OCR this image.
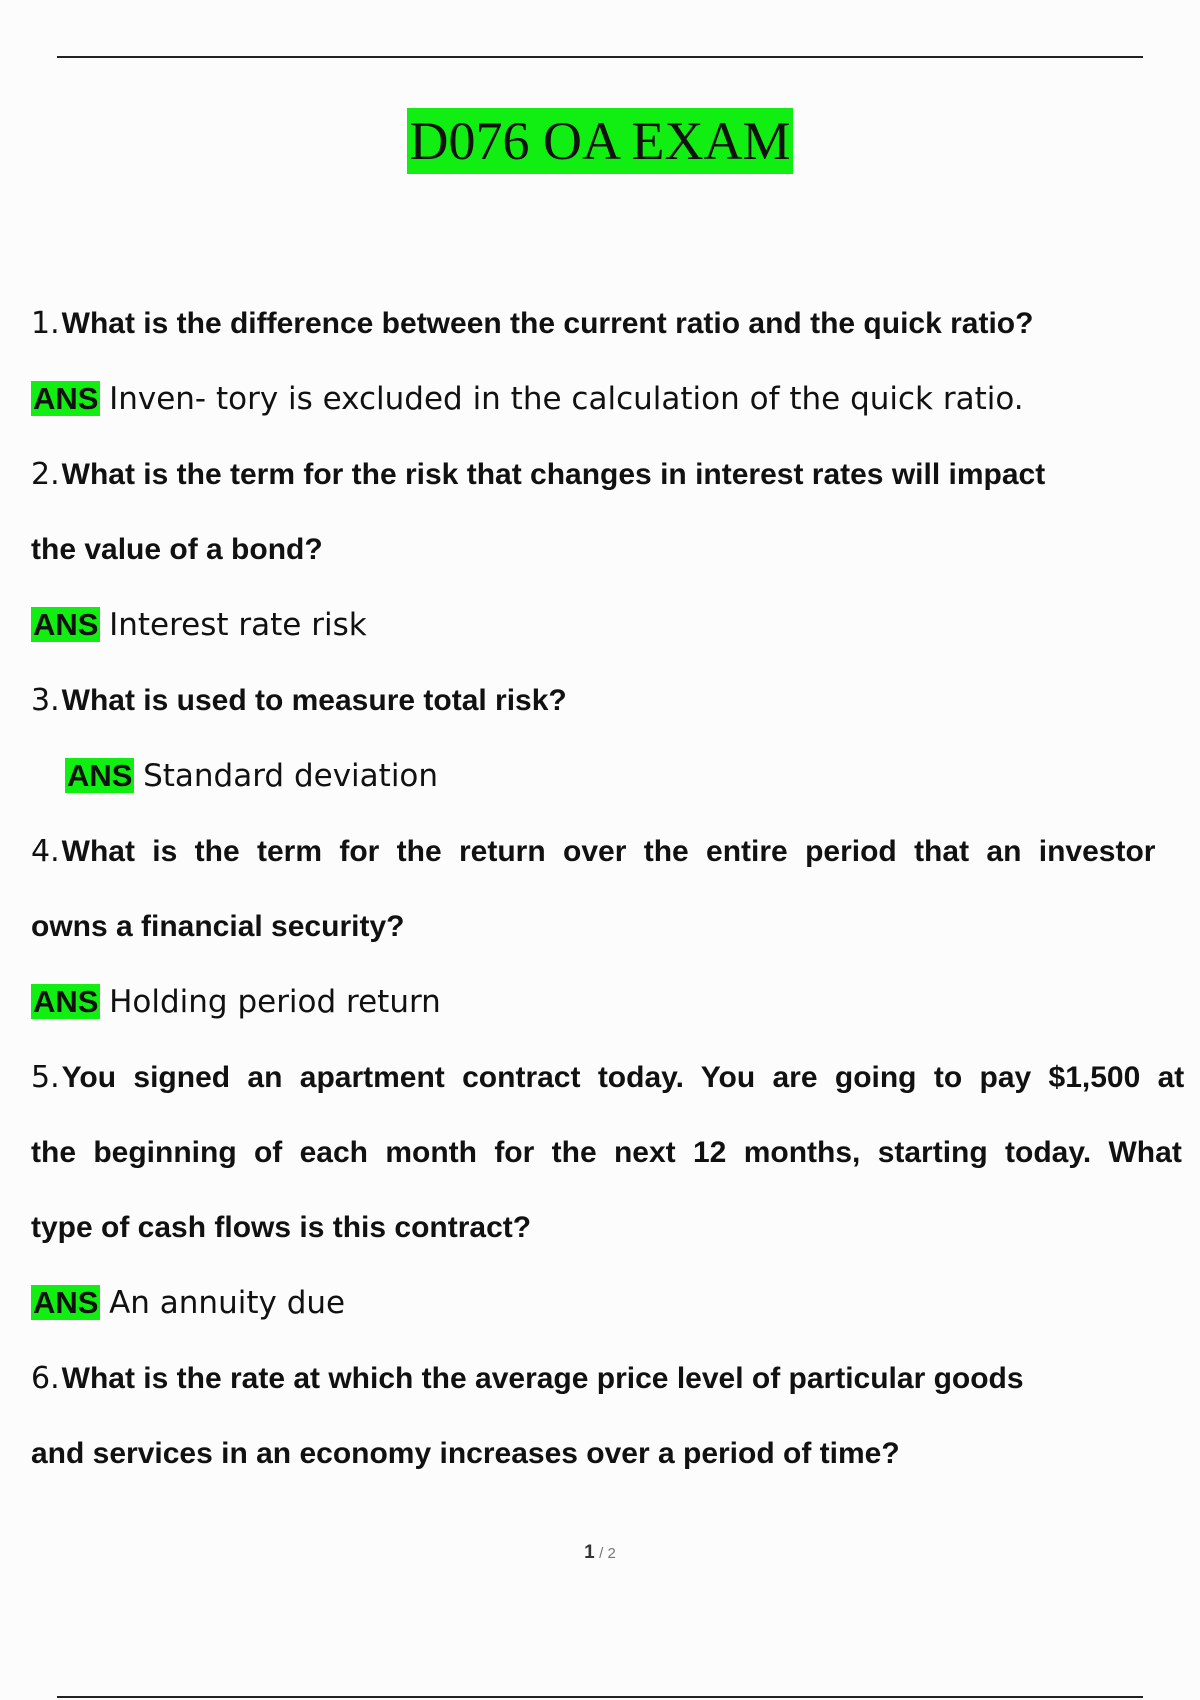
D076 OA EXAM
1.What is the difference between the current ratio and the quick ratio?
ANS Inven- tory is excluded in the calculation of the quick ratio.
2.What is the term for the risk that changes in interest rates will impact
the value of a bond?
ANS Interest rate risk
3.What is used to measure total risk?
ANS Standard deviation
4.What is the term for the return over the entire period that an investor
owns a financial security?
ANS Holding period return
5.You signed an apartment contract today. You are going to pay $1,500 at
the beginning of each month for the next 12 months, starting today. What
type of cash flows is this contract?
ANS An annuity due
6.What is the rate at which the average price level of particular goods
and services in an economy increases over a period of time?
1 / 2
